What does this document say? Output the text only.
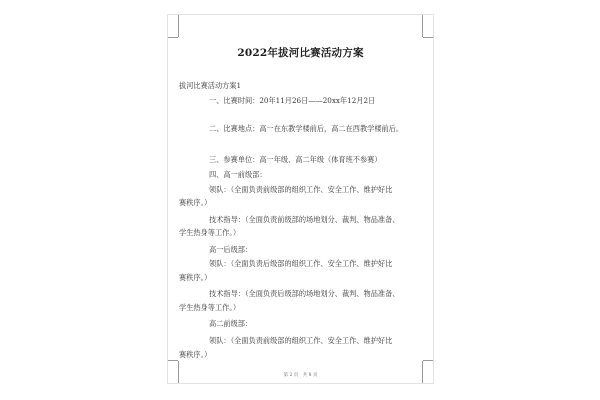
2022年拔河比赛活动方案
拔河比赛活动方案1
一、比赛时间：20年11月26日——20xx年12月2日
二、比赛地点：高一在东教学楼前后，高二在西教学楼前后。
三、参赛单位：高一年级、高二年级（体育班不参赛）
四、高一前级部：
领队：（全面负责前级部的组织工作、安全工作、维护好比
赛秩序。）
技术指导：（全面负责前级部的场地划分、裁判、物品准备、
学生热身等工作。）
高一后级部：
领队：（全面负责后级部的组织工作、安全工作、维护好比
赛秩序。）
技术指导：（全面负责后级部的场地划分、裁判、物品准备、
学生热身等工作。）
高二前级部：
领队：（全面负责前级部的组织工作、安全工作、维护好比
赛秩序。）
第 2 页　共 8 页
